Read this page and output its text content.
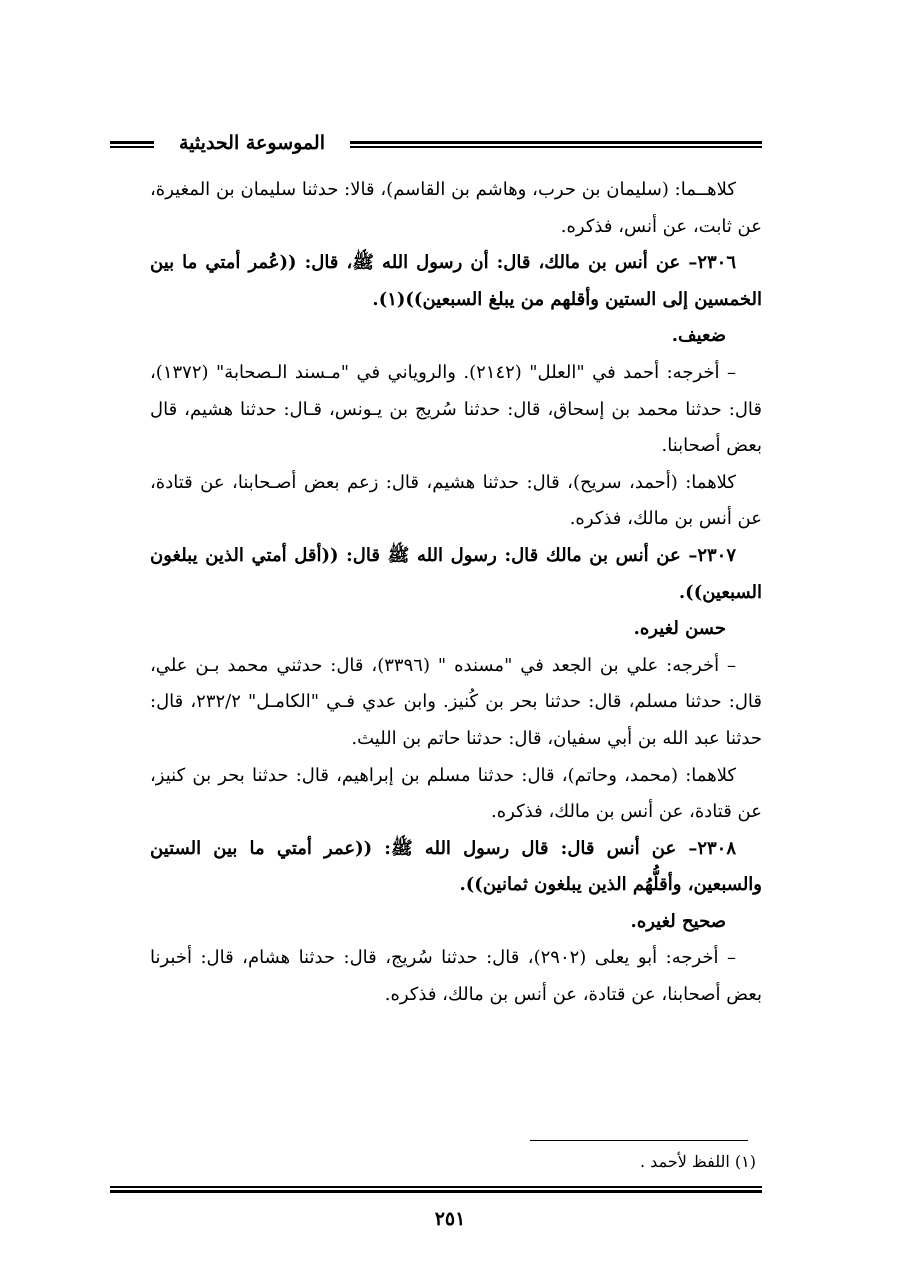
الموسوعة الحديثية

كلاهــما: (سليمان بن حرب، وهاشم بن القاسم)، قالا: حدثنا سليمان بن المغيرة، عن ثابت، عن أنس، فذكره.

٢٣٠٦– عن أنس بن مالك، قال: أن رسول الله ﷺ، قال: ((عُمر أمتي ما بين الخمسين إلى الستين وأقلهم من يبلغ السبعين))(١).

ضعيف.

– أخرجه: أحمد في "العلل" (٢١٤٢). والروياني في "مـسند الـصحابة" (١٣٧٢)، قال: حدثنا محمد بن إسحاق، قال: حدثنا سُريج بن يـونس، قـال: حدثنا هشيم، قال بعض أصحابنا.

كلاهما: (أحمد، سريح)، قال: حدثنا هشيم، قال: زعم بعض أصـحابنا، عن قتادة، عن أنس بن مالك، فذكره.

٢٣٠٧– عن أنس بن مالك قال: رسول الله ﷺ قال: ((أقل أمتي الذين يبلغون السبعين)).

حسن لغيره.

– أخرجه: علي بن الجعد في "مسنده " (٣٣٩٦)، قال: حدثني محمد بـن علي، قال: حدثنا مسلم، قال: حدثنا بحر بن كُنيز. وابن عدي فـي "الكامـل" ٢٣٢/٢، قال: حدثنا عبد الله بن أبي سفيان، قال: حدثنا حاتم بن الليث.

كلاهما: (محمد، وحاتم)، قال: حدثنا مسلم بن إبراهيم، قال: حدثنا بحر بن كنيز، عن قتادة، عن أنس بن مالك، فذكره.

٢٣٠٨– عن أنس قال: قال رسول الله ﷺ: ((عمر أمتي ما بين الستين والسبعين، وأقلُّهُم الذين يبلغون ثمانين)).

صحيح لغيره.

– أخرجه: أبو يعلى (٢٩٠٢)، قال: حدثنا سُريج، قال: حدثنا هشام، قال: أخبرنا بعض أصحابنا، عن قتادة، عن أنس بن مالك، فذكره.

(١) اللفظ لأحمد .
٢٥١
